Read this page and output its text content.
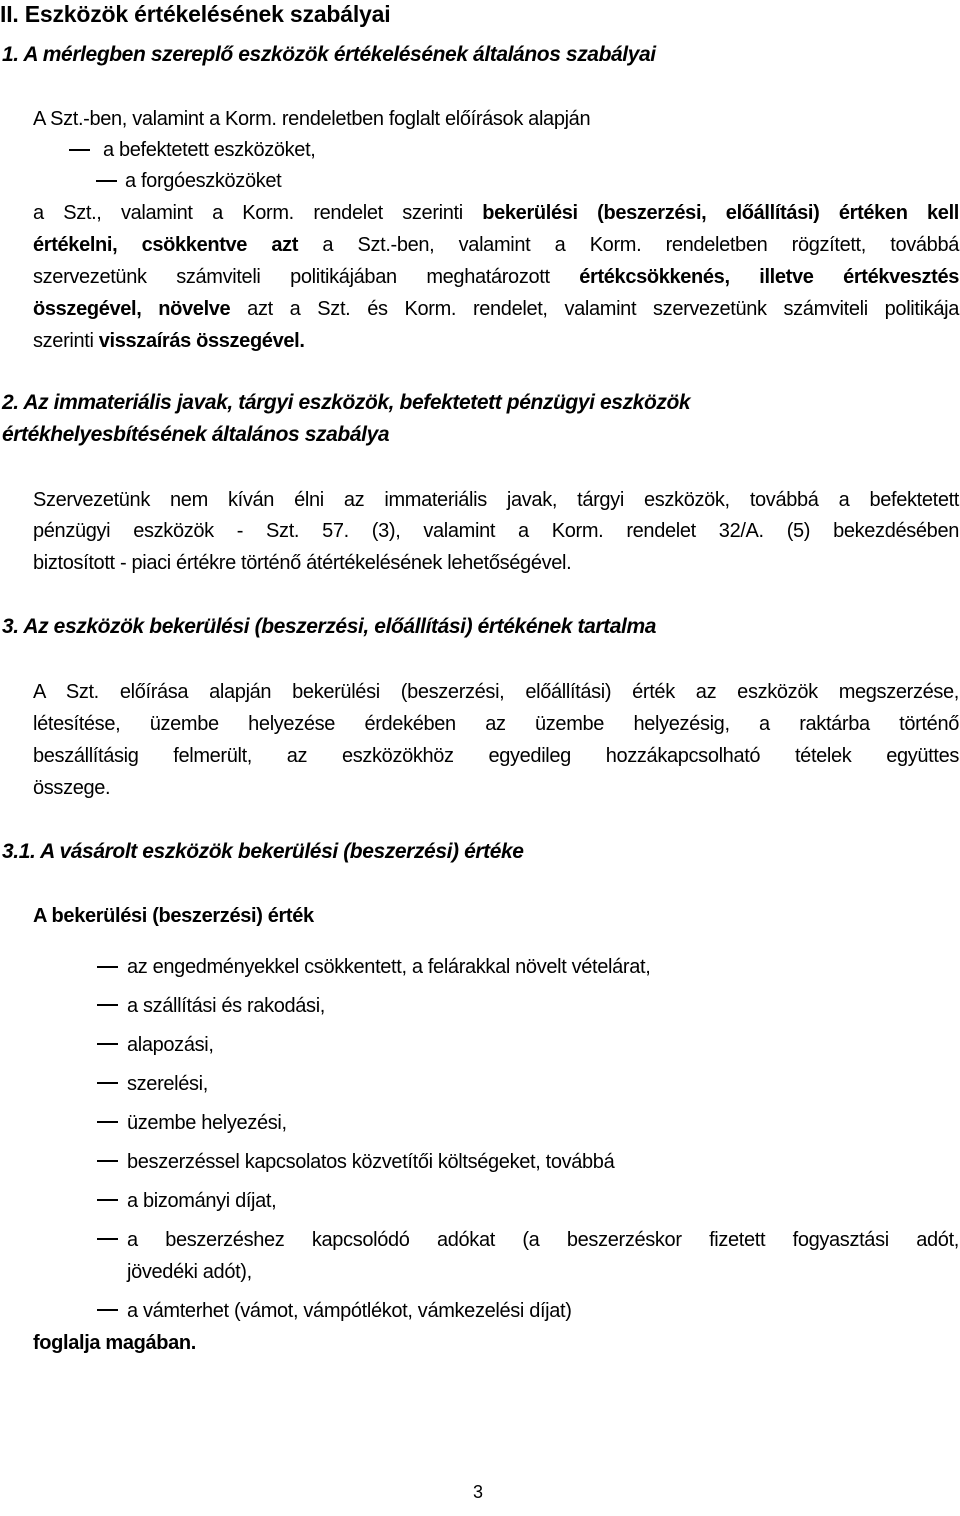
II. Eszközök értékelésének szabályai
1. A mérlegben szereplő eszközök értékelésének általános szabályai
A Szt.-ben, valamint a Korm. rendeletben foglalt előírások alapján
a befektetett eszközöket,
a forgóeszközöket
a Szt., valamint a Korm. rendelet szerinti bekerülési (beszerzési, előállítási) értéken kell
értékelni, csökkentve azt a Szt.-ben, valamint a Korm. rendeletben rögzített, továbbá
szervezetünk számviteli politikájában meghatározott értékcsökkenés, illetve értékvesztés
összegével, növelve azt a Szt. és Korm. rendelet, valamint szervezetünk számviteli politikája
szerinti visszaírás összegével.
2. Az immateriális javak, tárgyi eszközök, befektetett pénzügyi eszközök
értékhelyesbítésének általános szabálya
Szervezetünk nem kíván élni az immateriális javak, tárgyi eszközök, továbbá a befektetett
pénzügyi eszközök - Szt. 57. (3), valamint a Korm. rendelet 32/A. (5) bekezdésében
biztosított - piaci értékre történő átértékelésének lehetőségével.
3. Az eszközök bekerülési (beszerzési, előállítási) értékének tartalma
A Szt. előírása alapján bekerülési (beszerzési, előállítási) érték az eszközök megszerzése,
létesítése, üzembe helyezése érdekében az üzembe helyezésig, a raktárba történő
beszállításig felmerült, az eszközökhöz egyedileg hozzákapcsolható tételek együttes
összege.
3.1. A vásárolt eszközök bekerülési (beszerzési) értéke
A bekerülési (beszerzési) érték
az engedményekkel csökkentett, a felárakkal növelt vételárat,
a szállítási és rakodási,
alapozási,
szerelési,
üzembe helyezési,
beszerzéssel kapcsolatos közvetítői költségeket, továbbá
a bizományi díjat,
a beszerzéshez kapcsolódó adókat (a beszerzéskor fizetett fogyasztási adót,
jövedéki adót),
a vámterhet (vámot, vámpótlékot, vámkezelési díjat)
foglalja magában.
3
